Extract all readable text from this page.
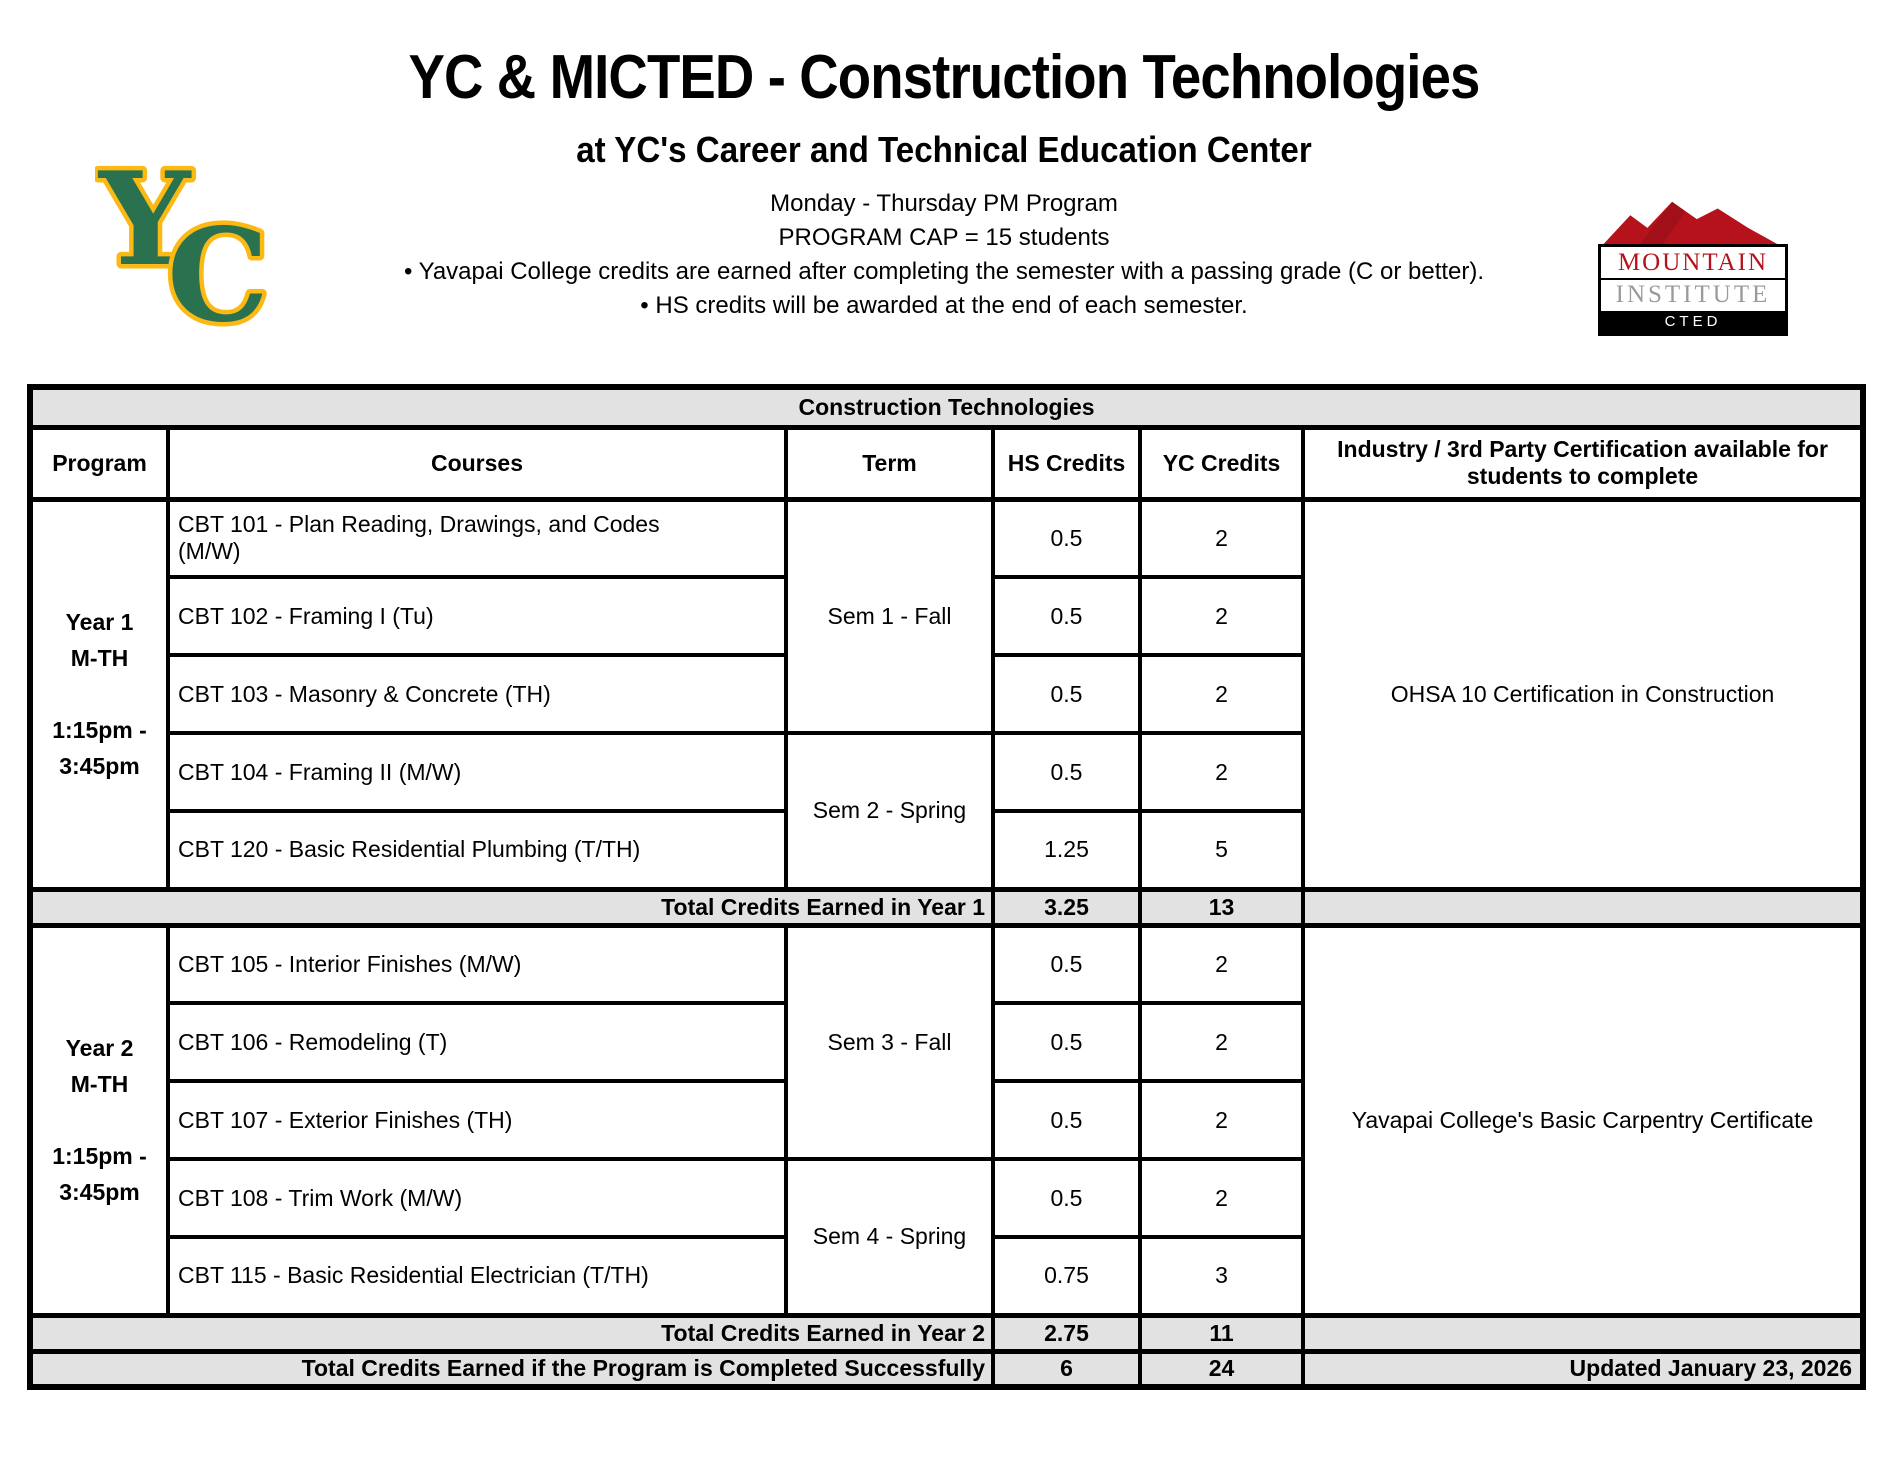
YC & MICTED - Construction Technologies
at YC's Career and Technical Education Center
Monday - Thursday PM Program
PROGRAM CAP = 15 students
• Yavapai College credits are earned after completing the semester with a passing grade (C or better).
• HS credits will be awarded at the end of each semester.
Y
C	MOUNTAIN
INSTITUTE
CTED
Construction Technologies					
Program	Courses	Term	HS Credits	YC Credits	Industry / 3rd Party Certification available for students to complete

Year 1
M-TH
1:15pm -
3:45pm	CBT 101 - Plan Reading, Drawings, and Codes (M/W)	Sem 1 - Fall	0.5	2	OHSA 10 Certification in Construction
	CBT 102 - Framing I (Tu)		0.5	2	
	CBT 103 - Masonry & Concrete (TH)		0.5	2	
	CBT 104 - Framing II (M/W)	Sem 2 - Spring	0.5	2	
	CBT 120 - Basic Residential Plumbing (T/TH)		1.25	5	
Total Credits Earned in Year 1			3.25	13	

Year 2
M-TH
1:15pm -
3:45pm	CBT 105 - Interior Finishes (M/W)	Sem 3 - Fall	0.5	2	Yavapai College's Basic Carpentry Certificate
	CBT 106 - Remodeling (T)		0.5	2	
	CBT 107 - Exterior Finishes (TH)		0.5	2	
	CBT 108 - Trim Work (M/W)	Sem 4 - Spring	0.5	2	
	CBT 115 - Basic Residential Electrician (T/TH)		0.75	3	
Total Credits Earned in Year 2			2.75	11	
Total Credits Earned if the Program is Completed Successfully			6	24	Updated January 23, 2026
